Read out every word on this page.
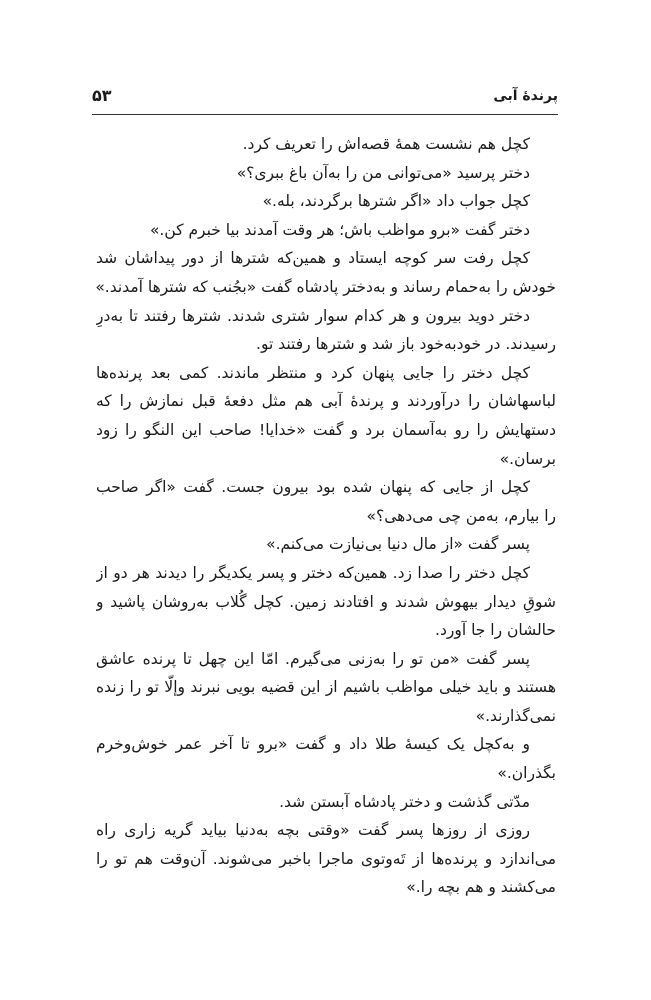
پرندهٔ آبی
۵۳
کچل هم نشست همهٔ قصه‌اش را تعریف کرد.
دختر پرسید «می‌توانی من را به‌آن باغ ببری؟»
کچل جواب داد «اگر شترها برگردند، بله.»
دختر گفت «برو مواظب باش؛ هر وقت آمدند بیا خبرم کن.»
کچل رفت سر کوچه ایستاد و همین‌که شترها از دور پیداشان شد
خودش را به‌حمام رساند و به‌دختر پادشاه گفت «بجُنب که شترها آمدند.»
دختر دوید بیرون و هر کدام سوار شتری شدند. شترها رفتند تا به‌درِ
رسیدند. در خودبه‌خود باز شد و شترها رفتند تو.
کچل دختر را جایی پنهان کرد و منتظر ماندند. کمی بعد پرنده‌ها
لباسهاشان را درآوردند و پرندهٔ آبی هم مثل دفعهٔ قبل نمازش را که
دستهایش را رو به‌آسمان برد و گفت «خدایا! صاحب این النگو را زود
برسان.»
کچل از جایی که پنهان شده بود بیرون جست. گفت «اگر صاحب
را بیارم، به‌من چی می‌دهی؟»
پسر گفت «از مال دنیا بی‌نیازت می‌کنم.»
کچل دختر را صدا زد. همین‌که دختر و پسر یکدیگر را دیدند هر دو از
شوقِ دیدار بیهوش شدند و افتادند زمین. کچل گُلاب به‌روشان پاشید و
حالشان را جا آورد.
پسر گفت «من تو را به‌زنی می‌گیرم. امّا این چهل تا پرنده عاشق
هستند و باید خیلی مواظب باشیم از این قضیه بویی نبرند وإلّا تو را زنده
نمی‌گذارند.»
و به‌کچل یک کیسهٔ طلا داد و گفت «برو تا آخر عمر خوش‌وخرم
بگذران.»
مدّتی گذشت و دختر پادشاه آبستن شد.
روزی از روزها پسر گفت «وقتی بچه به‌دنیا بیاید گریه زاری راه
می‌اندازد و پرنده‌ها از تَه‌وتوی ماجرا باخبر می‌شوند. آن‌وقت هم تو را
می‌کشند و هم بچه را.»
